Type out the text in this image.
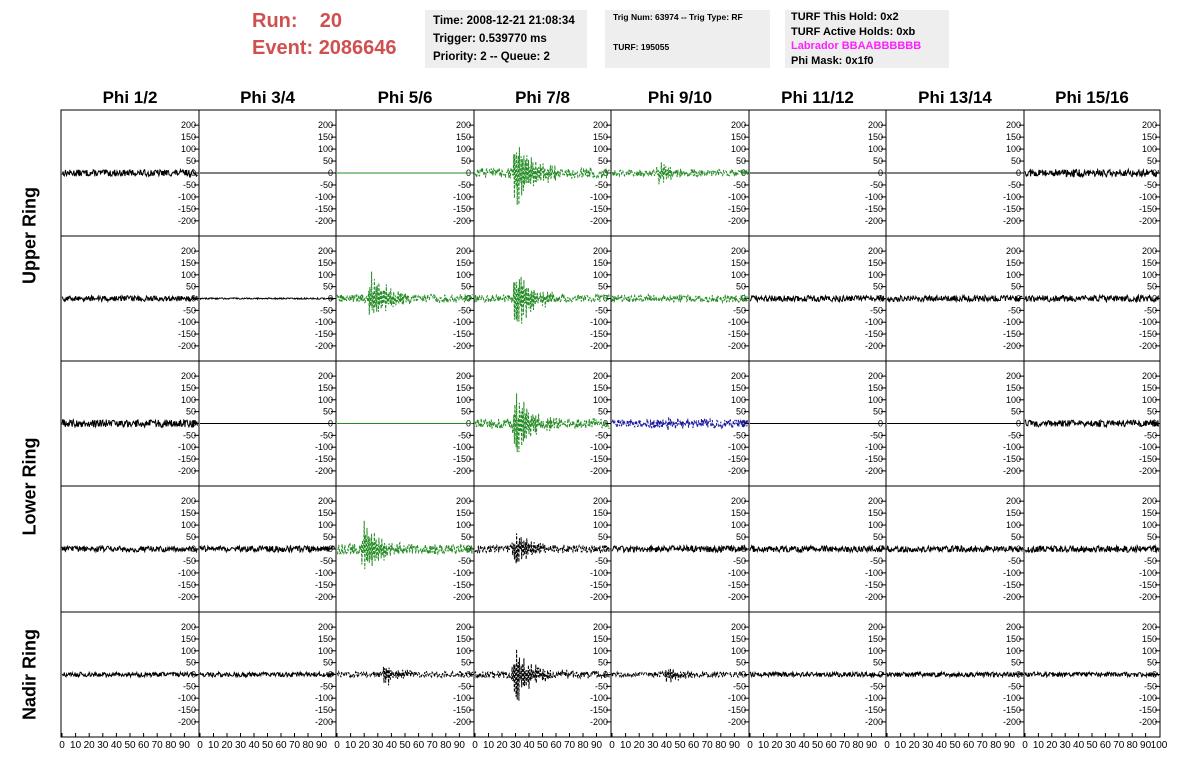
Run: 20
Event: 2086646
Time: 2008-12-21 21:08:34
Trigger: 0.539770 ms
Priority: 2 -- Queue: 2
Trig Num: 63974 -- Trig Type: RF
TURF: 195055
TURF This Hold: 0x2
TURF Active Holds: 0xb
Labrador BBAABBBBBB
Phi Mask: 0x1f0
Phi 1/2	Phi 3/4	Phi 5/6	Phi 7/8	Phi 9/10	Phi 11/12	Phi 13/14	Phi 15/16
Upper Ring
Lower Ring
Nadir Ring
200
150
100
50
0
-50
-100
-150
-200
200
150
100
50
0
-50
-100
-150
-200
200
150
100
50
0
-50
-100
-150
-200
200
150
100
50
0
-50
-100
-150
-200
200
150
100
50
0
-50
-100
-150
-200
200
150
100
50
0
-50
-100
-150
-200
200
150
100
50
0
-50
-100
-150
-200
200
150
100
50
0
-50
-100
-150
-200
200
150
100
50
0
-50
-100
-150
-200
200
150
100
50
0
-50
-100
-150
-200
200
150
100
50
0
-50
-100
-150
-200
200
150
100
50
0
-50
-100
-150
-200
200
150
100
50
0
-50
-100
-150
-200
200
150
100
50
0
-50
-100
-150
-200
200
150
100
50
0
-50
-100
-150
-200
200
150
100
50
0
-50
-100
-150
-200
200
150
100
50
0
-50
-100
-150
-200
200
150
100
50
0
-50
-100
-150
-200
200
150
100
50
0
-50
-100
-150
-200
200
150
100
50
0
-50
-100
-150
-200
200
150
100
50
0
-50
-100
-150
-200
200
150
100
50
0
-50
-100
-150
-200
200
150
100
50
0
-50
-100
-150
-200
200
150
100
50
0
-50
-100
-150
-200
200
150
100
50
0
-50
-100
-150
-200
200
150
100
50
0
-50
-100
-150
-200
200
150
100
50
0
-50
-100
-150
-200
200
150
100
50
0
-50
-100
-150
-200
200
150
100
50
0
-50
-100
-150
-200
200
150
100
50
0
-50
-100
-150
-200
200
150
100
50
0
-50
-100
-150
-200
200
150
100
50
0
-50
-100
-150
-200
200
150
100
50
0
-50
-100
-150
-200
0 10 20 30 40 50 60 70 80 90
200
150
100
50
0
-50
-100
-150
-200
0 10 20 30 40 50 60 70 80 90
200
150
100
50
0
-50
-100
-150
-200
0 10 20 30 40 50 60 70 80 90
200
150
100
50
0
-50
-100
-150
-200
0 10 20 30 40 50 60 70 80 90
200
150
100
50
0
-50
-100
-150
-200
0 10 20 30 40 50 60 70 80 90
200
150
100
50
0
-50
-100
-150
-200
0 10 20 30 40 50 60 70 80 90
200
150
100
50
0
-50
-100
-150
-200
0 10 20 30 40 50 60 70 80 90
200
150
100
50
0
-50
-100
-150
-200
0 10 20 30 40 50 60 70 80 90 100
